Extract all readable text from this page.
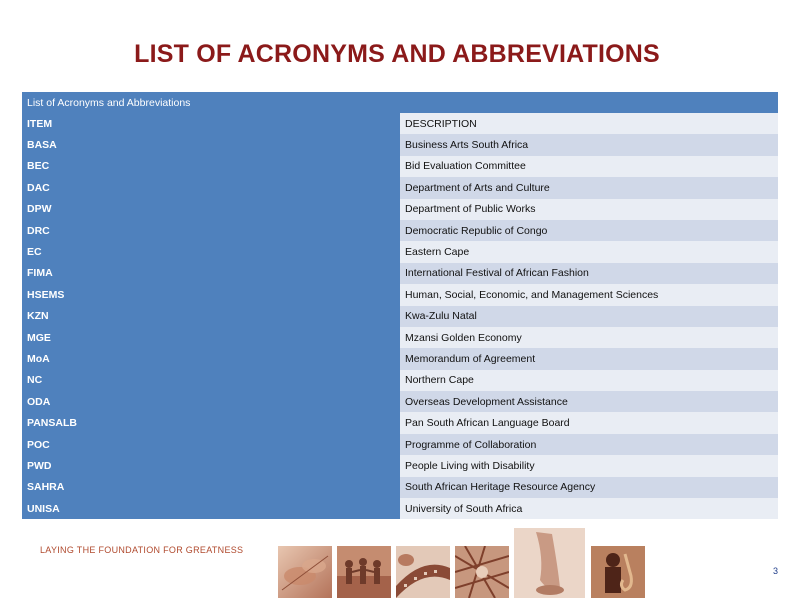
LIST OF ACRONYMS AND ABBREVIATIONS
List of Acronyms and Abbreviations	
ITEM	DESCRIPTION
BASA	Business Arts South Africa
BEC	Bid Evaluation Committee
DAC	Department of Arts and Culture
DPW	Department of Public Works
DRC	Democratic Republic of Congo
EC	Eastern Cape
FIMA	International Festival of African Fashion
HSEMS	Human, Social, Economic, and Management Sciences
KZN	Kwa-Zulu Natal
MGE	Mzansi Golden Economy
MoA	Memorandum of Agreement
NC	Northern Cape
ODA	Overseas Development Assistance
PANSALB	Pan South African Language Board
POC	Programme of Collaboration
PWD	People Living with Disability
SAHRA	South African Heritage Resource Agency
UNISA	University of South Africa
LAYING THE FOUNDATION FOR GREATNESS
3
